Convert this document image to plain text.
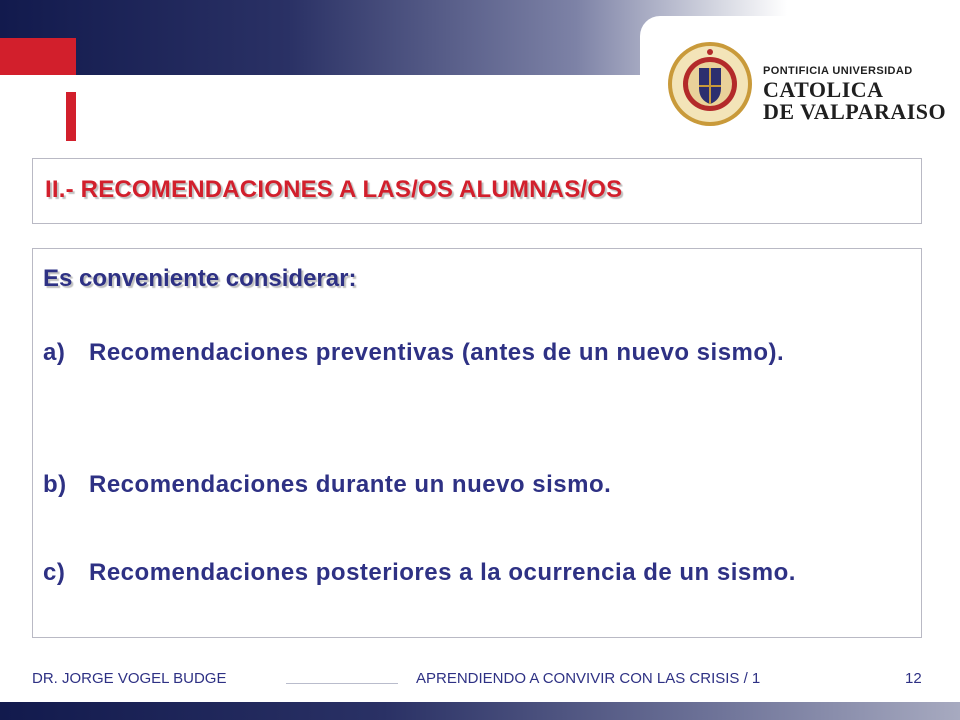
PONTIFICIA UNIVERSIDAD
CATOLICA
DE VALPARAISO
II.- RECOMENDACIONES A LAS/OS ALUMNAS/OS
Es conveniente considerar:
a) Recomendaciones preventivas (antes de un nuevo sismo).
b) Recomendaciones durante un nuevo sismo.
c) Recomendaciones posteriores a la ocurrencia de un sismo.
DR. JORGE VOGEL BUDGE	APRENDIENDO A CONVIVIR CON LAS CRISIS / 1	12
